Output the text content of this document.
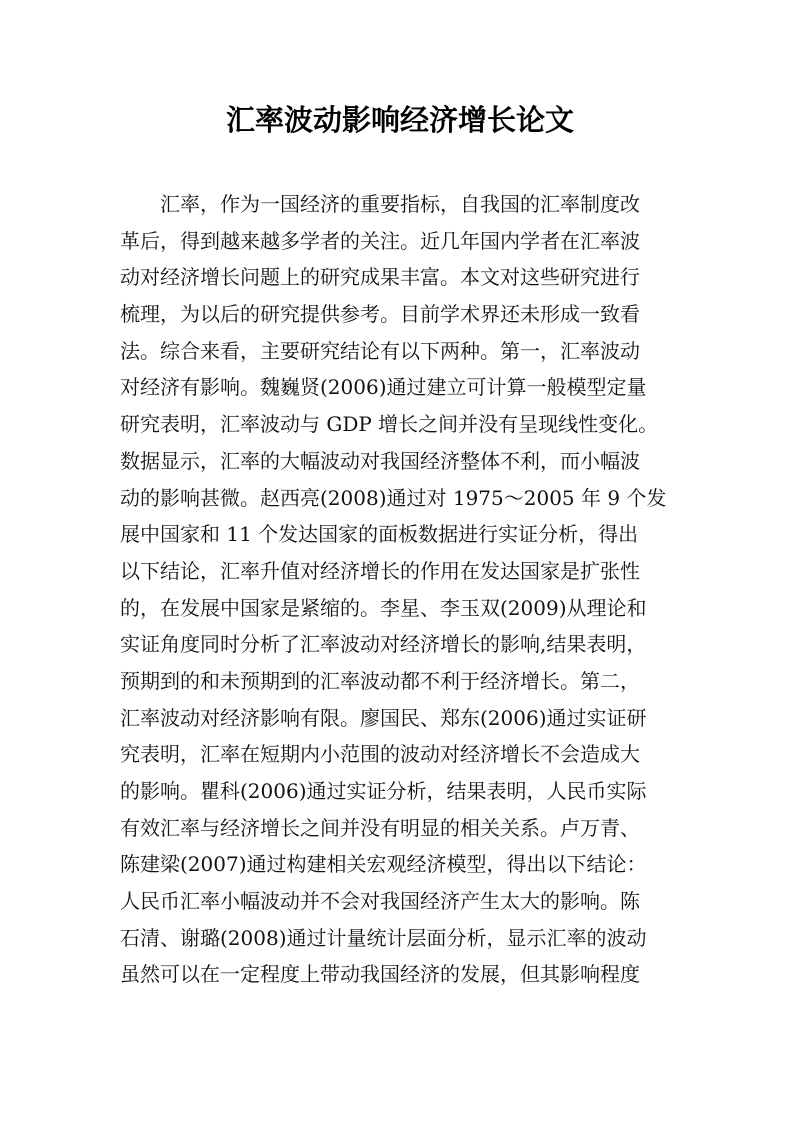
汇率波动影响经济增长论文
　　汇率，作为一国经济的重要指标，自我国的汇率制度改
革后，得到越来越多学者的关注。近几年国内学者在汇率波
动对经济增长问题上的研究成果丰富。本文对这些研究进行
梳理，为以后的研究提供参考。目前学术界还未形成一致看
法。综合来看，主要研究结论有以下两种。第一，汇率波动
对经济有影响。魏巍贤(2006)通过建立可计算一般模型定量
研究表明，汇率波动与 GDP 增长之间并没有呈现线性变化。
数据显示，汇率的大幅波动对我国经济整体不利，而小幅波
动的影响甚微。赵西亮(2008)通过对 1975～2005 年 9 个发
展中国家和 11 个发达国家的面板数据进行实证分析，得出
以下结论，汇率升值对经济增长的作用在发达国家是扩张性
的，在发展中国家是紧缩的。李星、李玉双(2009)从理论和
实证角度同时分析了汇率波动对经济增长的影响,结果表明，
预期到的和未预期到的汇率波动都不利于经济增长。第二，
汇率波动对经济影响有限。廖国民、郑东(2006)通过实证研
究表明，汇率在短期内小范围的波动对经济增长不会造成大
的影响。瞿科(2006)通过实证分析，结果表明，人民币实际
有效汇率与经济增长之间并没有明显的相关关系。卢万青、
陈建梁(2007)通过构建相关宏观经济模型，得出以下结论：
人民币汇率小幅波动并不会对我国经济产生太大的影响。陈
石清、谢璐(2008)通过计量统计层面分析，显示汇率的波动
虽然可以在一定程度上带动我国经济的发展，但其影响程度
